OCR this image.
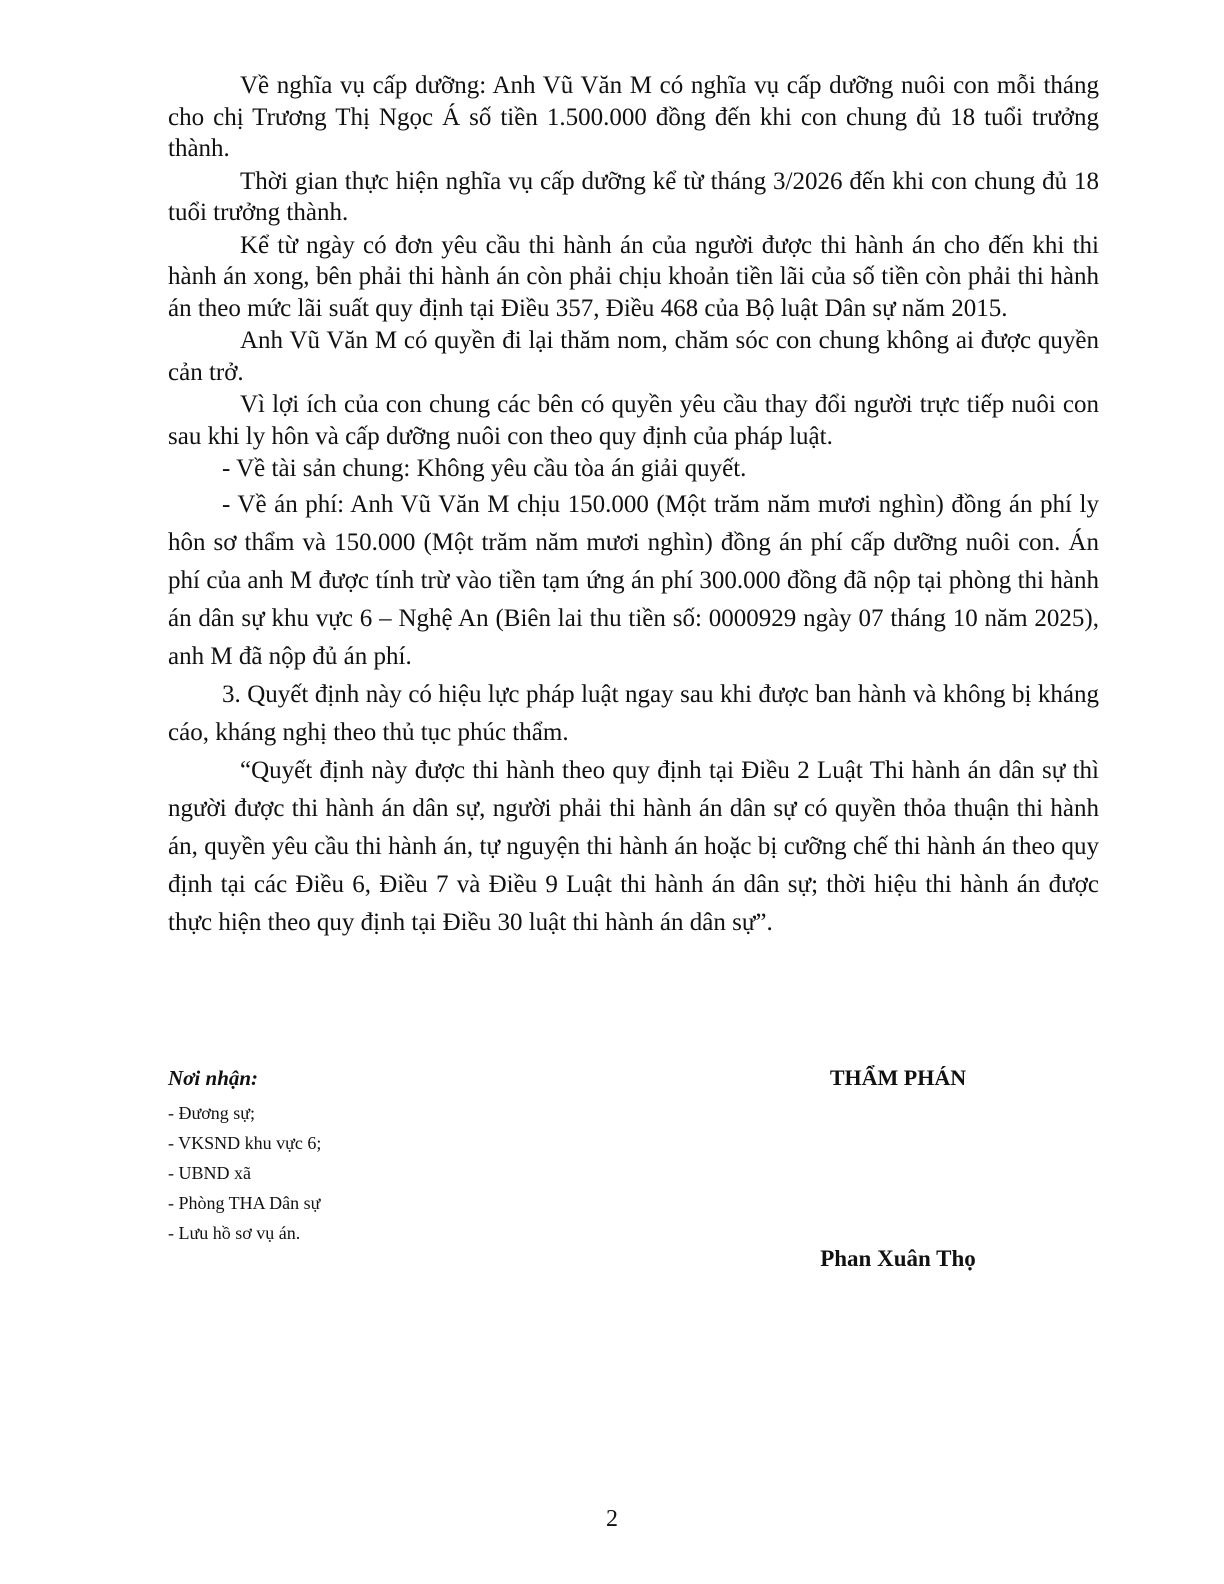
Về nghĩa vụ cấp dưỡng: Anh Vũ Văn M có nghĩa vụ cấp dưỡng nuôi con mỗi tháng cho chị Trương Thị Ngọc Á số tiền 1.500.000 đồng đến khi con chung đủ 18 tuổi trưởng thành.

Thời gian thực hiện nghĩa vụ cấp dưỡng kể từ tháng 3/2026 đến khi con chung đủ 18 tuổi trưởng thành.

Kể từ ngày có đơn yêu cầu thi hành án của người được thi hành án cho đến khi thi hành án xong, bên phải thi hành án còn phải chịu khoản tiền lãi của số tiền còn phải thi hành án theo mức lãi suất quy định tại Điều 357, Điều 468 của Bộ luật Dân sự năm 2015.

Anh Vũ Văn M có quyền đi lại thăm nom, chăm sóc con chung không ai được quyền cản trở.

Vì lợi ích của con chung các bên có quyền yêu cầu thay đổi người trực tiếp nuôi con sau khi ly hôn và cấp dưỡng nuôi con theo quy định của pháp luật.

- Về tài sản chung: Không yêu cầu tòa án giải quyết.

- Về án phí: Anh Vũ Văn M chịu 150.000 (Một trăm năm mươi nghìn) đồng án phí ly hôn sơ thẩm và 150.000 (Một trăm năm mươi nghìn) đồng án phí cấp dưỡng nuôi con. Án phí của anh M được tính trừ vào tiền tạm ứng án phí 300.000 đồng đã nộp tại phòng thi hành án dân sự khu vực 6 – Nghệ An (Biên lai thu tiền số: 0000929 ngày 07 tháng 10 năm 2025), anh M đã nộp đủ án phí.

3. Quyết định này có hiệu lực pháp luật ngay sau khi được ban hành và không bị kháng cáo, kháng nghị theo thủ tục phúc thẩm.

“Quyết định này được thi hành theo quy định tại Điều 2 Luật Thi hành án dân sự thì người được thi hành án dân sự, người phải thi hành án dân sự có quyền thỏa thuận thi hành án, quyền yêu cầu thi hành án, tự nguyện thi hành án hoặc bị cưỡng chế thi hành án theo quy định tại các Điều 6, Điều 7 và Điều 9 Luật thi hành án dân sự; thời hiệu thi hành án được thực hiện theo quy định tại Điều 30 luật thi hành án dân sự”.

Nơi nhận:

- Đương sự;

- VKSND khu vực 6;

- UBND xã

- Phòng THA Dân sự

- Lưu hồ sơ vụ án.

THẨM PHÁN

Phan Xuân Thọ

2
